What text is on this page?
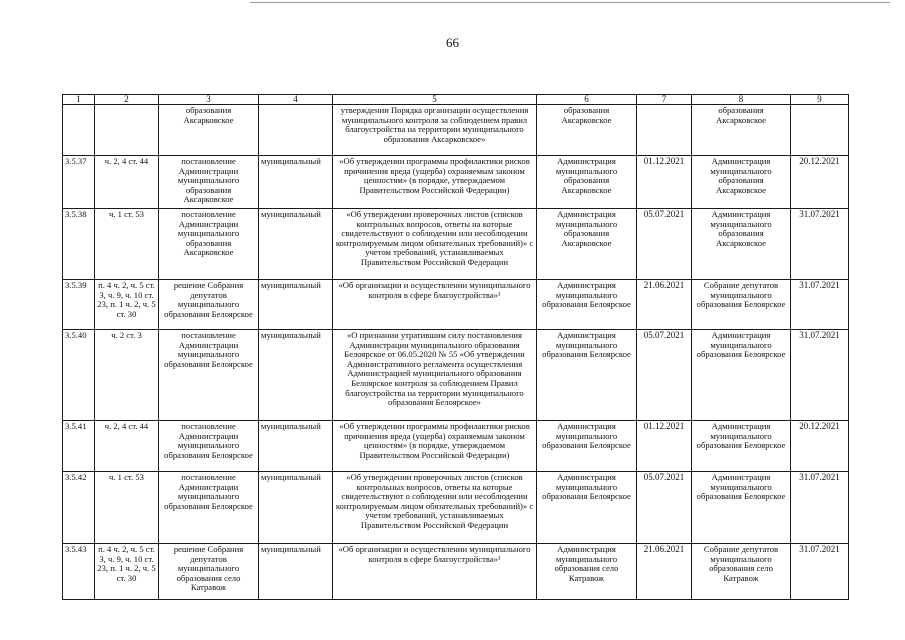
66
1	2	3	4	5	6	7	8	9
		образования Аксарковское		утверждении Порядка организации осуществления муниципального контроля за соблюдением правил благоустройства на территории муниципального образования Аксарковское»	образования Аксарковское		образования Аксарковское	
3.5.37	ч. 2, 4 ст. 44	постановление Администрации муниципального образования Аксарковское	муниципальный	«Об утверждении программы профилактики рисков причинения вреда (ущерба) охраняемым законом ценностям» (в порядке, утверждаемом Правительством Российской Федерации)	Администрация муниципального образования Аксарковское	01.12.2021	Администрация муниципального образования Аксарковское	20.12.2021
3.5.38	ч. 1 ст. 53	постановление Администрации муниципального образования Аксарковское	муниципальный	«Об утверждении проверочных листов (списков контрольных вопросов, ответы на которые свидетельствуют о соблюдении или несоблюдении контролируемым лицом обязательных требований)» с учетом требований, устанавливаемых Правительством Российской Федерации	Администрация муниципального образования Аксарковское	05.07.2021	Администрация муниципального образования Аксарковское	31.07.2021
3.5.39	п. 4 ч. 2, ч. 5 ст. 3, ч. 9, ч. 10 ст. 23, п. 1 ч. 2, ч. 5 ст. 30	решение Собрания депутатов муниципального образования Белоярское	муниципальный	«Об организации и осуществлении муниципального контроля в сфере благоустройства»¹	Администрация муниципального образования Белоярское	21.06.2021	Собрание депутатов муниципального образования Белоярское	31.07.2021
3.5.40	ч. 2 ст. 3	постановление Администрации муниципального образования Белоярское	муниципальный	«О признании утратившим силу постановления Администрации муниципального образования Белоярское от 06.05.2020 № 55 «Об утверждении Административного регламента осуществления Администрацией муниципального образования Белоярское контроля за соблюдением Правил благоустройства на территории муниципального образования Белоярское»	Администрация муниципального образования Белоярское	05.07.2021	Администрация муниципального образования Белоярское	31.07.2021
3.5.41	ч. 2, 4 ст. 44	постановление Администрации муниципального образования Белоярское	муниципальный	«Об утверждении программы профилактики рисков причинения вреда (ущерба) охраняемым законом ценностям» (в порядке, утверждаемом Правительством Российской Федерации)	Администрация муниципального образования Белоярское	01.12.2021	Администрация муниципального образования Белоярское	20.12.2021
3.5.42	ч. 1 ст. 53	постановление Администрации муниципального образования Белоярское	муниципальный	«Об утверждении проверочных листов (списков контрольных вопросов, ответы на которые свидетельствуют о соблюдении или несоблюдении контролируемым лицом обязательных требований)» с учетом требований, устанавливаемых Правительством Российской Федерации	Администрация муниципального образования Белоярское	05.07.2021	Администрация муниципального образования Белоярское	31.07.2021
3.5.43	п. 4 ч. 2, ч. 5 ст. 3, ч. 9, ч. 10 ст. 23, п. 1 ч. 2, ч. 5 ст. 30	решение Собрания депутатов муниципального образования село Катравож	муниципальный	«Об организации и осуществлении муниципального контроля в сфере благоустройства»¹	Администрация муниципального образования село Катравож	21.06.2021	Собрание депутатов муниципального образования село Катравож	31.07.2021
